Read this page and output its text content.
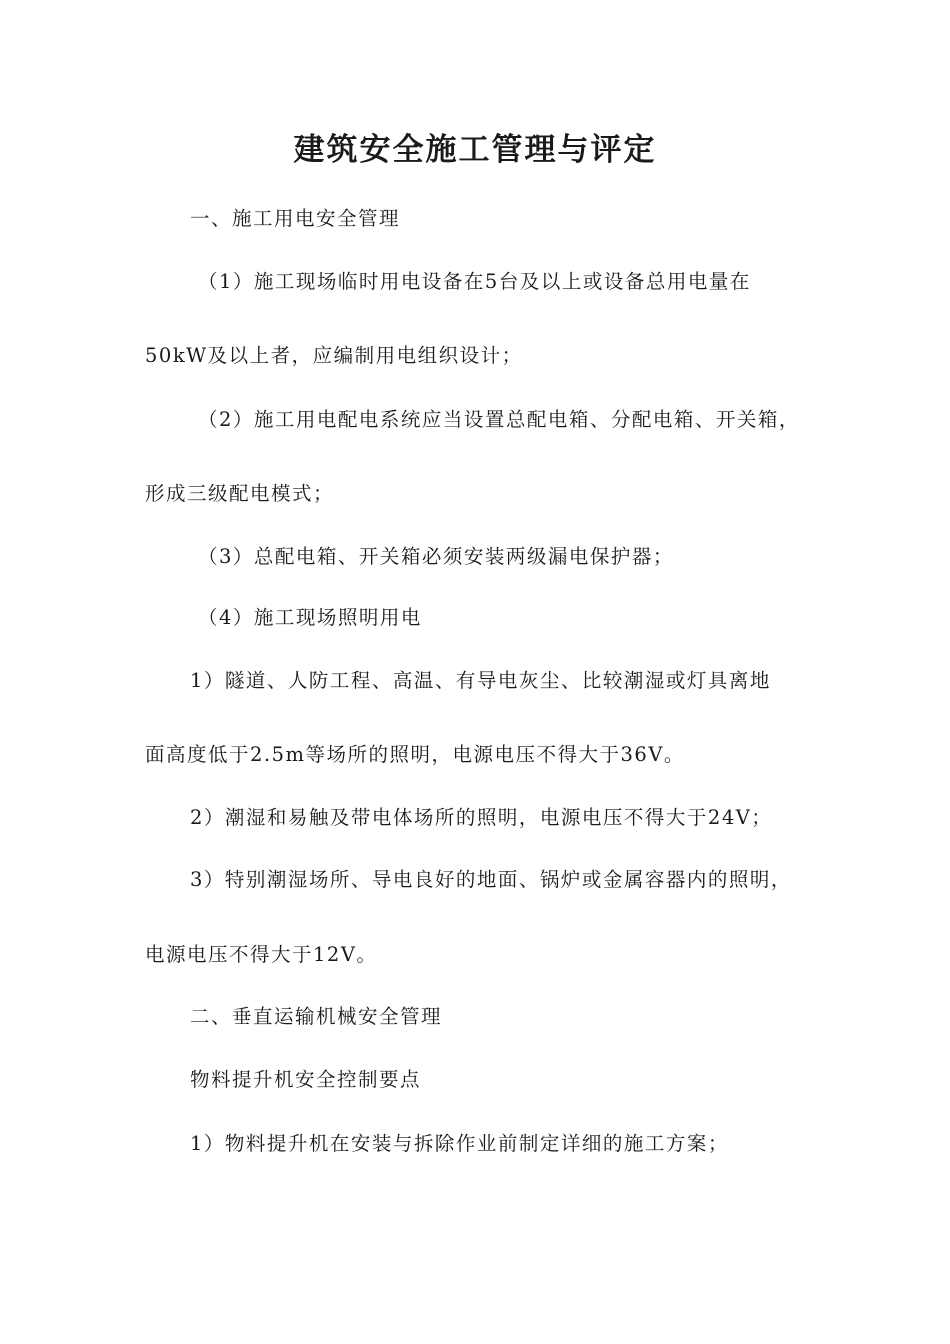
建筑安全施工管理与评定
一、施工用电安全管理
（1）施工现场临时用电设备在5台及以上或设备总用电量在
50kW及以上者，应编制用电组织设计；
（2）施工用电配电系统应当设置总配电箱、分配电箱、开关箱，
形成三级配电模式；
（3）总配电箱、开关箱必须安装两级漏电保护器；
（4）施工现场照明用电
1）隧道、人防工程、高温、有导电灰尘、比较潮湿或灯具离地
面高度低于2.5m等场所的照明，电源电压不得大于36V。
2）潮湿和易触及带电体场所的照明，电源电压不得大于24V；
3）特别潮湿场所、导电良好的地面、锅炉或金属容器内的照明，
电源电压不得大于12V。
二、垂直运输机械安全管理
物料提升机安全控制要点
1）物料提升机在安装与拆除作业前制定详细的施工方案；
